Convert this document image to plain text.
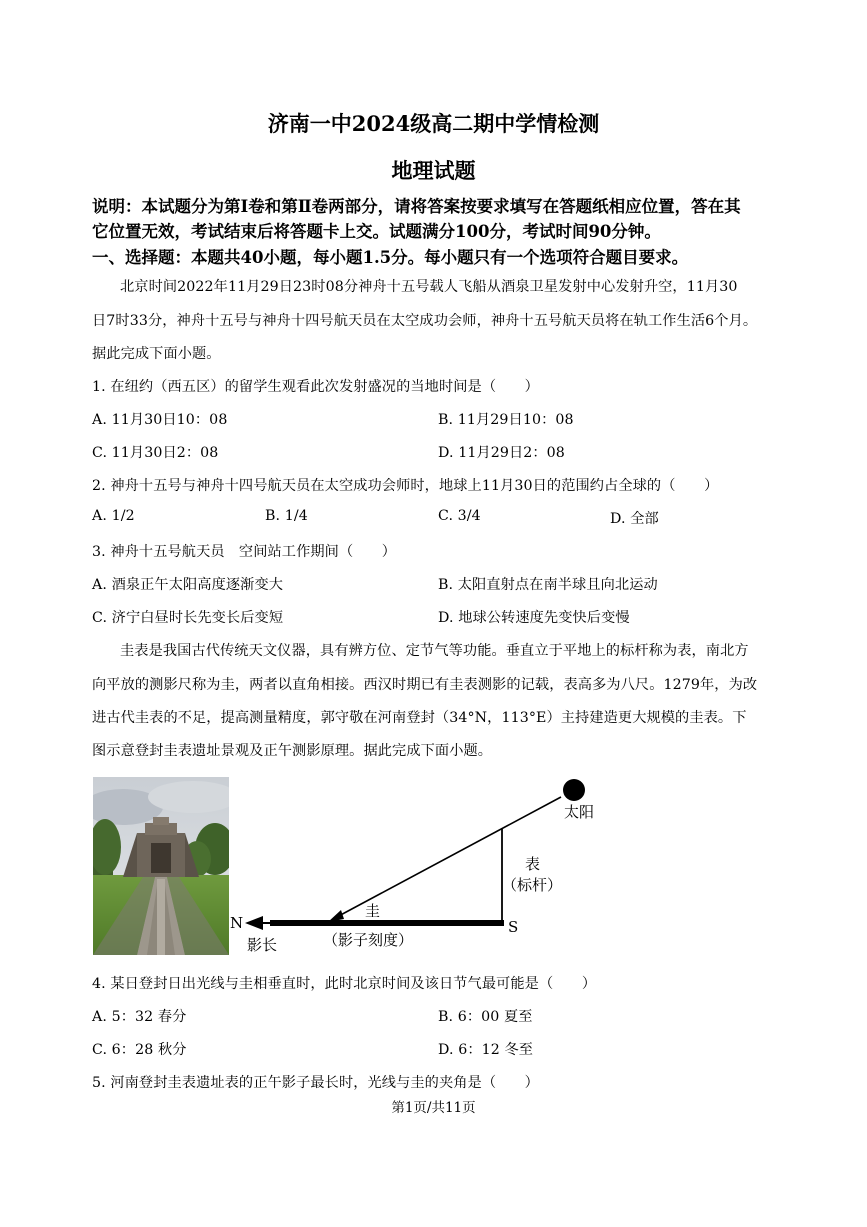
济南一中2024级高二期中学情检测
地理试题
说明：本试题分为第Ⅰ卷和第Ⅱ卷两部分，请将答案按要求填写在答题纸相应位置，答在其
它位置无效，考试结束后将答题卡上交。试题满分100分，考试时间90分钟。
一、选择题：本题共40小题，每小题1.5分。每小题只有一个选项符合题目要求。
北京时间2022年11月29日23时08分神舟十五号载人飞船从酒泉卫星发射中心发射升空，11月30
日7时33分，神舟十五号与神舟十四号航天员在太空成功会师，神舟十五号航天员将在轨工作生活6个月。
据此完成下面小题。
1. 在纽约（西五区）的留学生观看此次发射盛况的当地时间是（　　）
A. 11月30日10：08	B. 11月29日10：08
C. 11月30日2：08	D. 11月29日2：08
2. 神舟十五号与神舟十四号航天员在太空成功会师时，地球上11月30日的范围约占全球的（　　）
A. 1/2	B. 1/4	C. 3/4	D. 全部
3. 神舟十五号航天员　空间站工作期间（　　）
A. 酒泉正午太阳高度逐渐变大	B. 太阳直射点在南半球且向北运动
C. 济宁白昼时长先变长后变短	D. 地球公转速度先变快后变慢
圭表是我国古代传统天文仪器，具有辨方位、定节气等功能。垂直立于平地上的标杆称为表，南北方
向平放的测影尺称为圭，两者以直角相接。西汉时期已有圭表测影的记载，表高多为八尺。1279年，为改
进古代圭表的不足，提高测量精度，郭守敬在河南登封（34°N，113°E）主持建造更大规模的圭表。下
图示意登封圭表遗址景观及正午测影原理。据此完成下面小题。
太阳
N	S
表
（标杆）
圭
（影子刻度）
影长
4. 某日登封日出光线与圭相垂直时，此时北京时间及该日节气最可能是（　　）
A. 5：32 春分	B. 6：00 夏至
C. 6：28 秋分	D. 6：12 冬至
5. 河南登封圭表遗址表的正午影子最长时，光线与圭的夹角是（　　）
第1页/共11页
